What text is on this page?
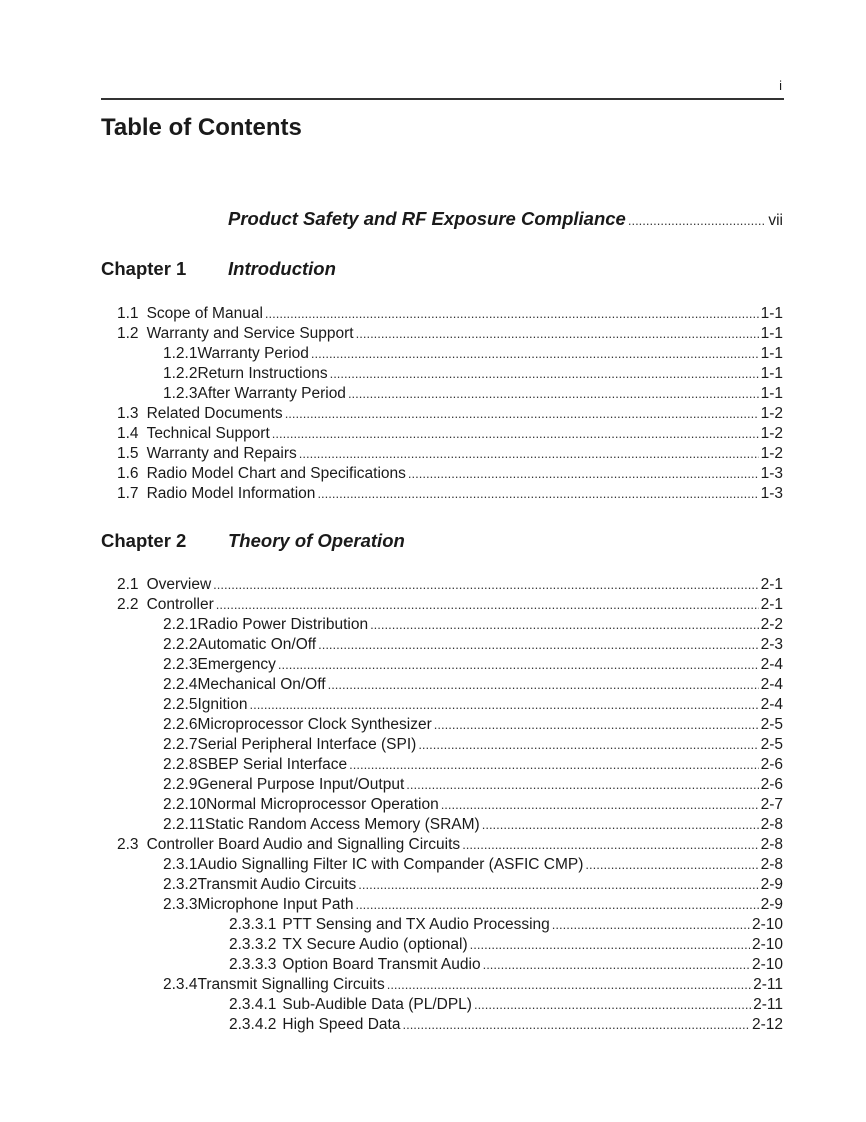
i
Table of Contents
Product Safety and RF Exposure Compliance .....	vii
Chapter 1 Introduction
Chapter 2 Theory of Operation
1.1 Scope of Manual .....	1-1
1.2 Warranty and Service Support .....	1-1
1.2.1 Warranty Period .....	1-1
1.2.2 Return Instructions .....	1-1
1.2.3 After Warranty Period .....	1-1
1.3 Related Documents .....	1-2
1.4 Technical Support .....	1-2
1.5 Warranty and Repairs .....	1-2
1.6 Radio Model Chart and Specifications .....	1-3
1.7 Radio Model Information .....	1-3
2.1 Overview .....	2-1
2.2 Controller .....	2-1
2.2.1 Radio Power Distribution .....	2-2
2.2.2 Automatic On/Off .....	2-3
2.2.3 Emergency .....	2-4
2.2.4 Mechanical On/Off .....	2-4
2.2.5 Ignition .....	2-4
2.2.6 Microprocessor Clock Synthesizer .....	2-5
2.2.7 Serial Peripheral Interface (SPI) .....	2-5
2.2.8 SBEP Serial Interface .....	2-6
2.2.9 General Purpose Input/Output .....	2-6
2.2.10 Normal Microprocessor Operation .....	2-7
2.2.11 Static Random Access Memory (SRAM) .....	2-8
2.3 Controller Board Audio and Signalling Circuits .....	2-8
2.3.1 Audio Signalling Filter IC with Compander (ASFIC CMP) .....	2-8
2.3.2 Transmit Audio Circuits .....	2-9
2.3.3 Microphone Input Path .....	2-9
2.3.3.1 PTT Sensing and TX Audio Processing .....	2-10
2.3.3.2 TX Secure Audio (optional) .....	2-10
2.3.3.3 Option Board Transmit Audio .....	2-10
2.3.4 Transmit Signalling Circuits .....	2-11
2.3.4.1 Sub-Audible Data (PL/DPL) .....	2-11
2.3.4.2 High Speed Data .....	2-12
